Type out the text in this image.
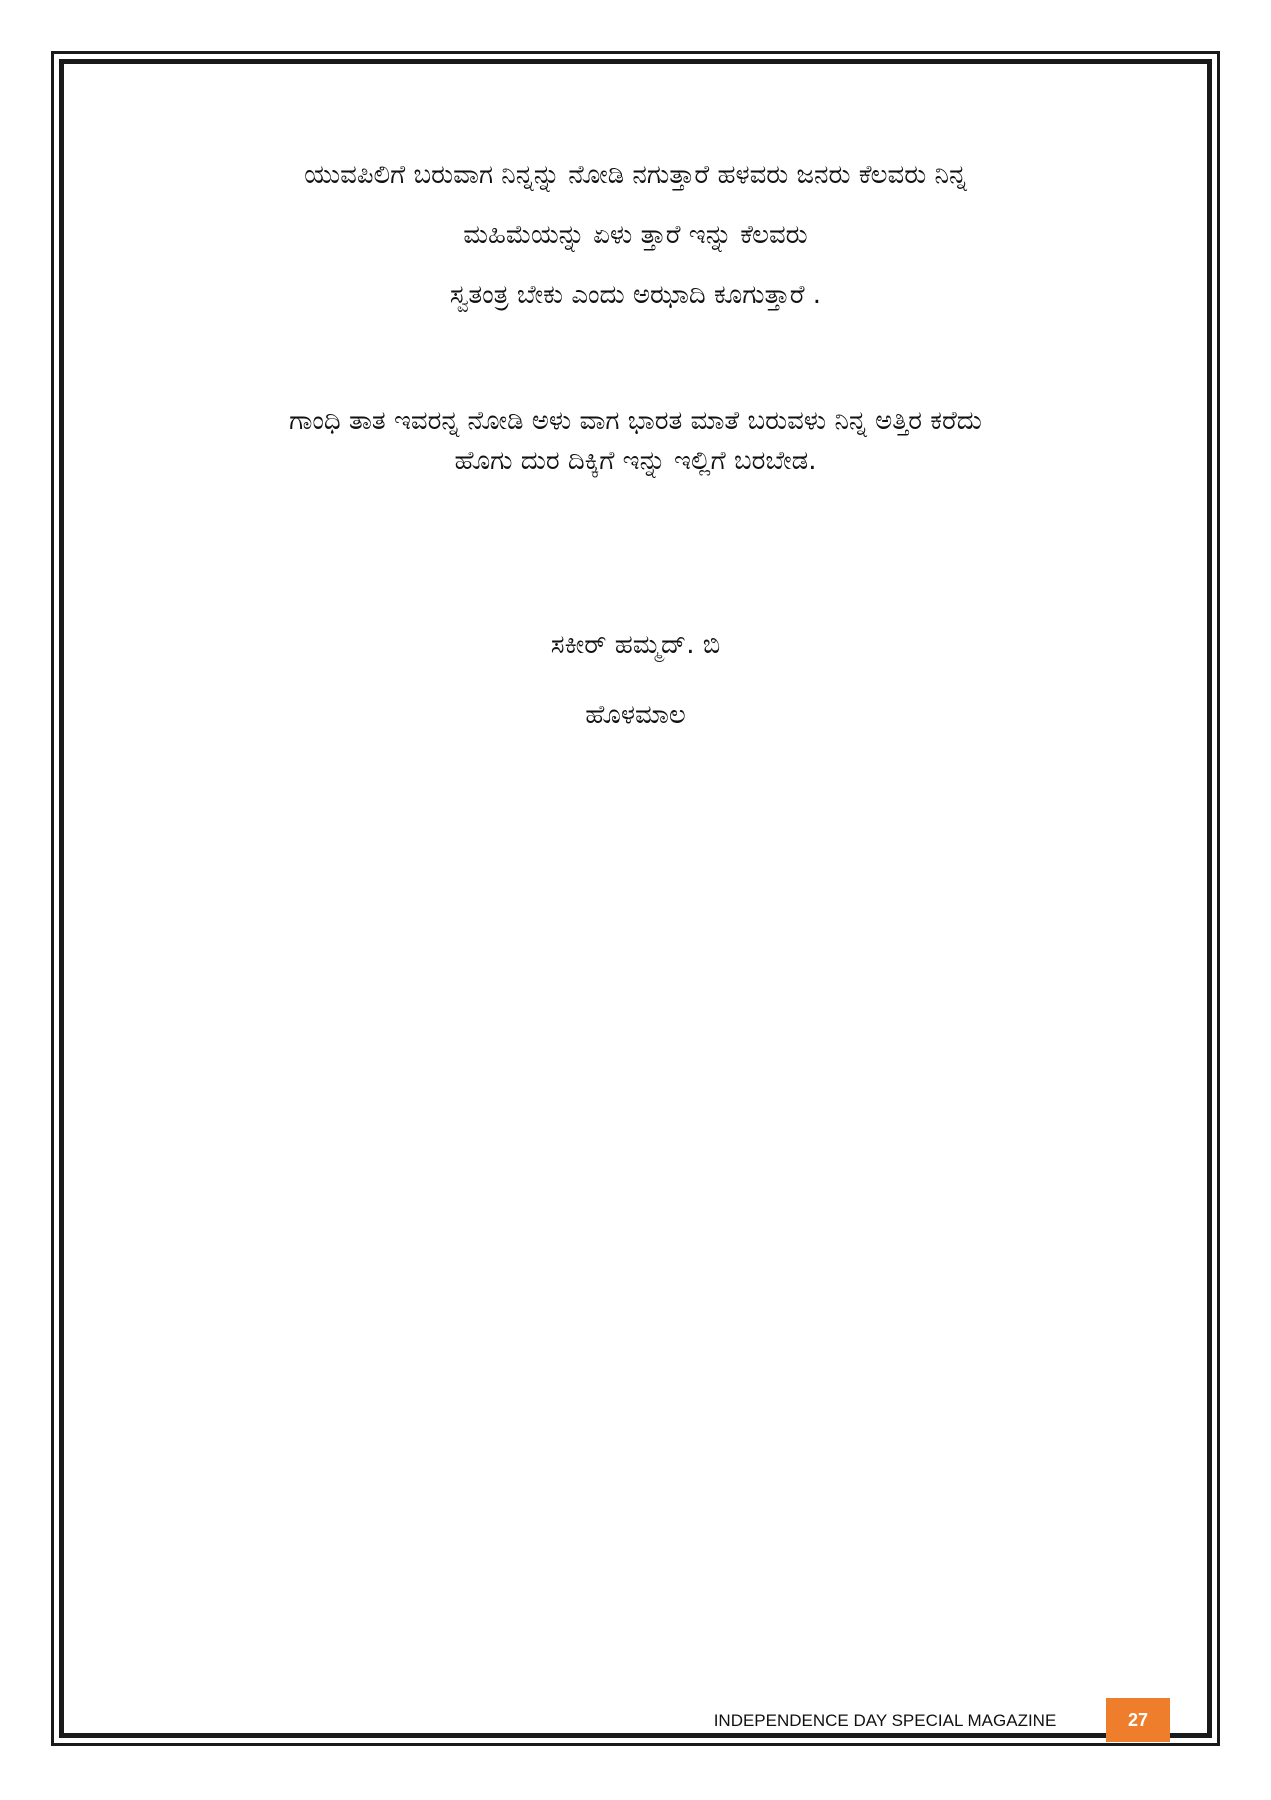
ಯುವಪಿಲಿಗೆ ಬರುವಾಗ ನಿನ್ನನ್ನು ನೋಡಿ ನಗುತ್ತಾರೆ ಹಳವರು ಜನರು ಕೆಲವರು ನಿನ್ನ
ಮಹಿಮೆಯನ್ನು ಏಳು ತ್ತಾರೆ ಇನ್ನು ಕೆಲವರು
ಸ್ವತಂತ್ರ ಬೇಕು ಎಂದು ಅಝಾದಿ ಕೂಗುತ್ತಾರೆ .
ಗಾಂಧಿ ತಾತ ಇವರನ್ನ ನೋಡಿ ಅಳು ವಾಗ ಭಾರತ ಮಾತೆ ಬರುವಳು ನಿನ್ನ ಅತ್ತಿರ ಕರೆದು
ಹೊಗು ದುರ ದಿಕ್ಕಿಗೆ ಇನ್ನು ಇಲ್ಲಿಗೆ ಬರಬೇಡ.
ಸಕೀರ್ ಹಮ್ಮದ್. ಬಿ
ಹೊಳಮಾಲ
INDEPENDENCE DAY SPECIAL MAGAZINE	27
